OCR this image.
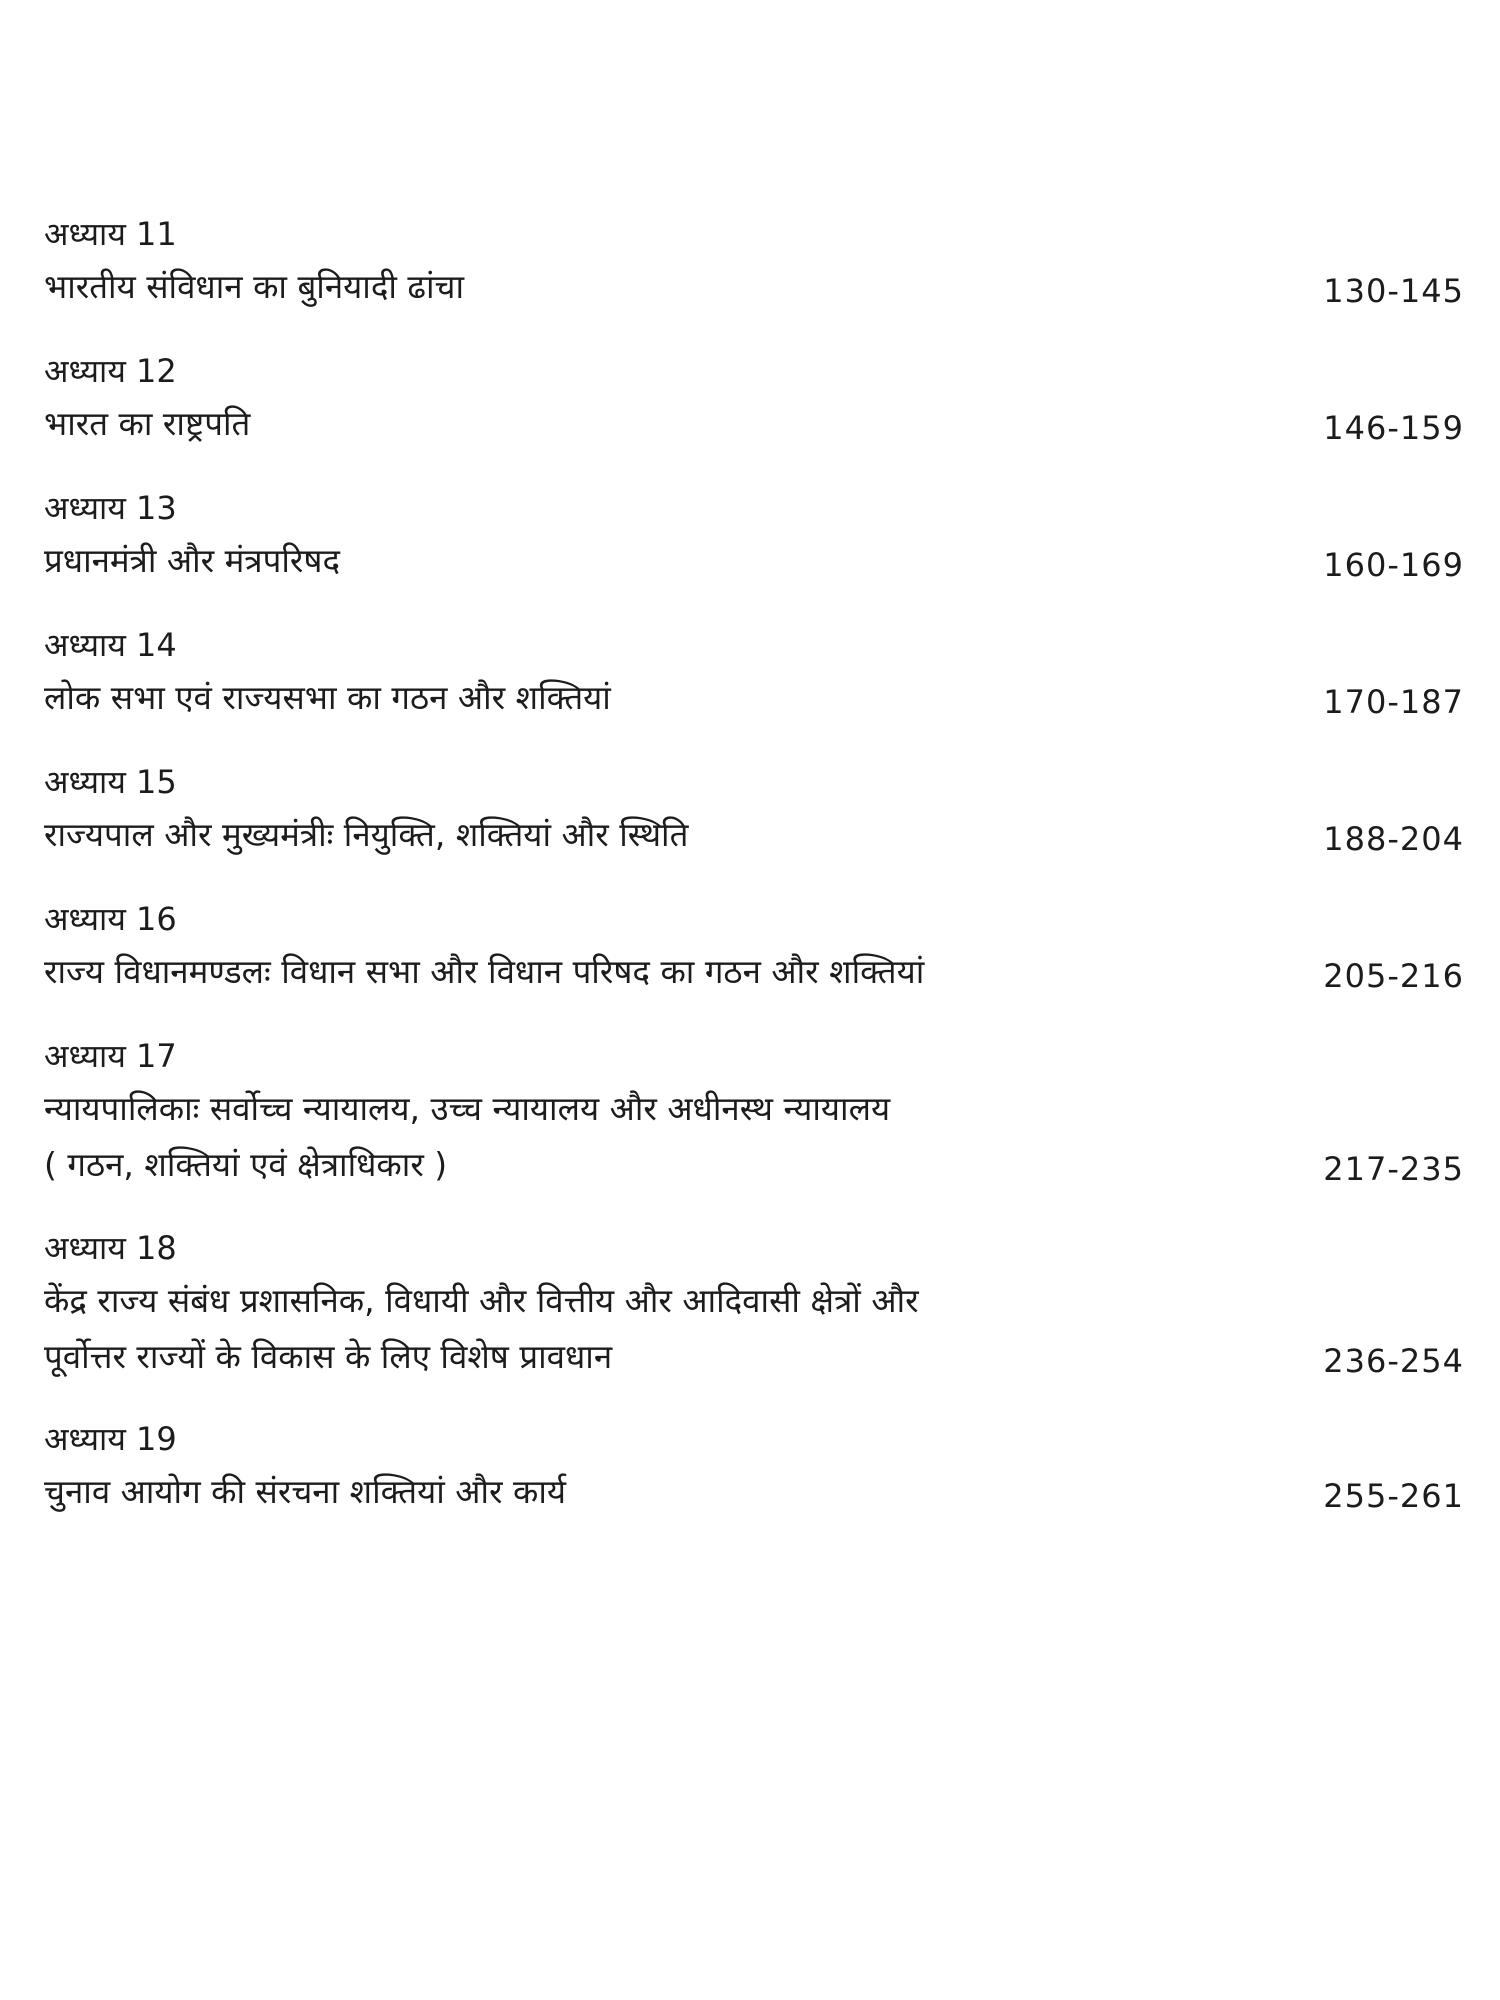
अध्याय 11
भारतीय संविधान का बुनियादी ढांचा	130-145
अध्याय 12
भारत का राष्ट्रपति	146-159
अध्याय 13
प्रधानमंत्री और मंत्रपरिषद	160-169
अध्याय 14
लोक सभा एवं राज्यसभा का गठन और शक्तियां	170-187
अध्याय 15
राज्यपाल और मुख्यमंत्रीः नियुक्ति, शक्तियां और स्थिति	188-204
अध्याय 16
राज्य विधानमण्डलः विधान सभा और विधान परिषद का गठन और शक्तियां	205-216
अध्याय 17
न्यायपालिकाः सर्वोच्च न्यायालय, उच्च न्यायालय और अधीनस्थ न्यायालय
( गठन, शक्तियां एवं क्षेत्राधिकार )	217-235
अध्याय 18
केंद्र राज्य संबंध प्रशासनिक, विधायी और वित्तीय और आदिवासी क्षेत्रों और
पूर्वोत्तर राज्यों के विकास के लिए विशेष प्रावधान	236-254
अध्याय 19
चुनाव आयोग की संरचना शक्तियां और कार्य	255-261
